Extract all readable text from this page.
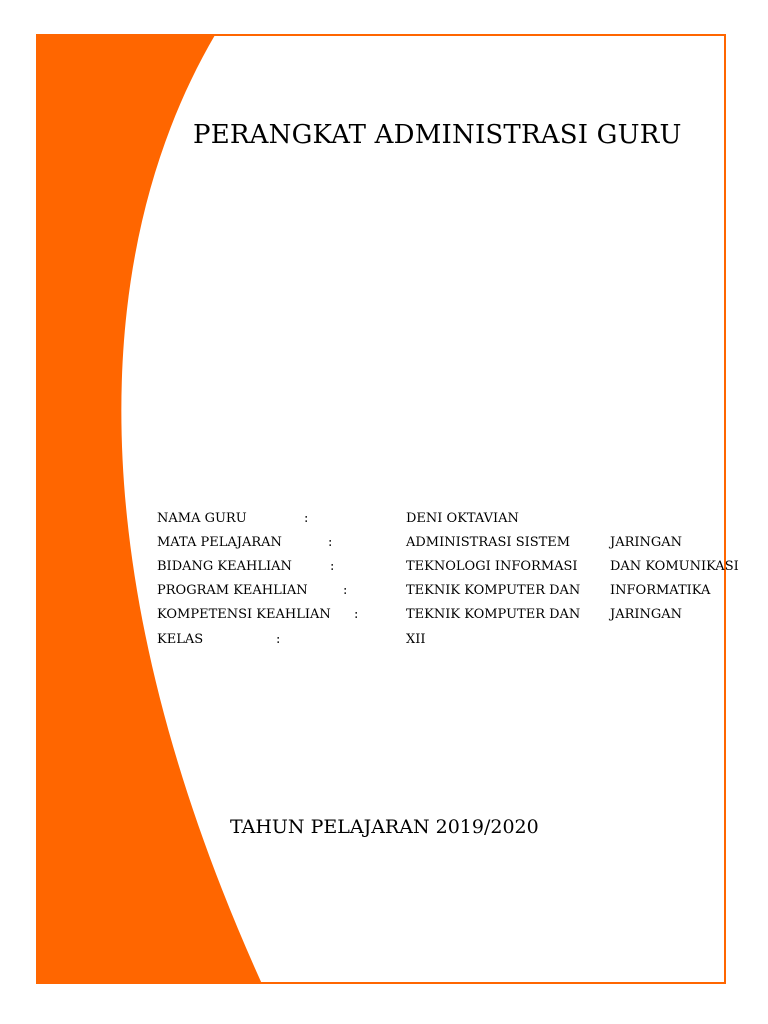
PERANGKAT ADMINISTRASI GURU
NAMA GURU	:	DENI OKTAVIAN
MATA PELAJARAN	:	ADMINISTRASI SISTEM	JARINGAN
BIDANG KEAHLIAN	:	TEKNOLOGI INFORMASI DAN KOMUNIKASI
PROGRAM KEAHLIAN	:	TEKNIK KOMPUTER DAN INFORMATIKA
KOMPETENSI KEAHLIAN :	TEKNIK KOMPUTER DAN JARINGAN
KELAS	:	XII
TAHUN PELAJARAN 2019/2020
